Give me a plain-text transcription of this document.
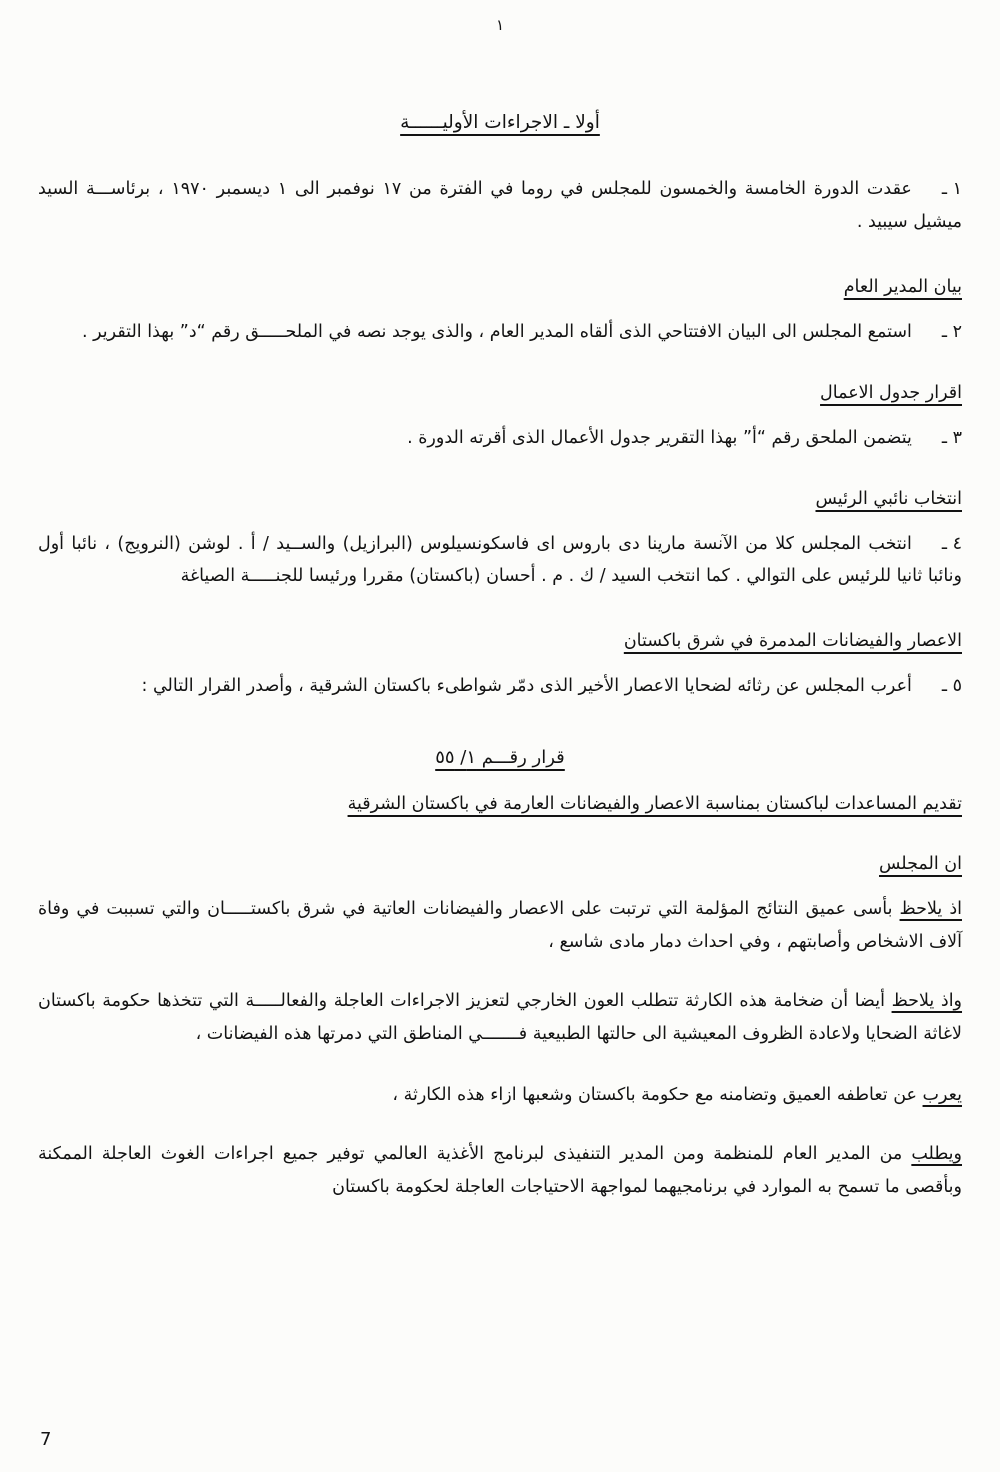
١
أولا ـ الاجراءات الأوليــــــة

١ ـعقدت الدورة الخامسة والخمسون للمجلس في روما في الفترة من ١٧ نوفمبر الى ١ ديسمبر ١٩٧٠ ، برئاســـة السيد ميشيل سيبيد .

بيان المدير العام

٢ ـاستمع المجلس الى البيان الافتتاحي الذى ألقاه المدير العام ، والذى يوجد نصه في الملحـــــق رقم “د” بهذا التقرير .

اقرار جدول الاعمال

٣ ـيتضمن الملحق رقم “أ” بهذا التقرير جدول الأعمال الذى أقرته الدورة .

انتخاب نائبي الرئيس

٤ ـانتخب المجلس كلا من الآنسة مارينا دى باروس اى فاسكونسيلوس (البرازيل) والســيد / أ . لوشن (النرويج) ، نائبا أول ونائبا ثانيا للرئيس على التوالي . كما انتخب السيد / ك . م . أحسان (باكستان) مقررا ورئيسا للجنـــــة الصياغة

الاعصار والفيضانات المدمرة في شرق باكستان

٥ ـأعرب المجلس عن رثائه لضحايا الاعصار الأخير الذى دمّر شواطىء باكستان الشرقية ، وأصدر القرار التالي :

قرار رقـــم ١/ ٥٥
تقديم المساعدات لباكستان بمناسبة الاعصار والفيضانات العارمة في باكستان الشرقية
ان المجلس

اذ يلاحظ بأسى عميق النتائج المؤلمة التي ترتبت على الاعصار والفيضانات العاتية في شرق باكستـــــان والتي تسببت في وفاة آلاف الاشخاص وأصابتهم ، وفي احداث دمار مادى شاسع ،

واذ يلاحظ أيضا أن ضخامة هذه الكارثة تتطلب العون الخارجي لتعزيز الاجراءات العاجلة والفعالـــــة التي تتخذها حكومة باكستان لاغاثة الضحايا ولاعادة الظروف المعيشية الى حالتها الطبيعية فـــــــي المناطق التي دمرتها هذه الفيضانات ،

يعرب عن تعاطفه العميق وتضامنه مع حكومة باكستان وشعبها ازاء هذه الكارثة ،

ويطلب من المدير العام للمنظمة ومن المدير التنفيذى لبرنامج الأغذية العالمي توفير جميع اجراءات الغوث العاجلة الممكنة وبأقصى ما تسمح به الموارد في برنامجيهما لمواجهة الاحتياجات العاجلة لحكومة باكستان

7
